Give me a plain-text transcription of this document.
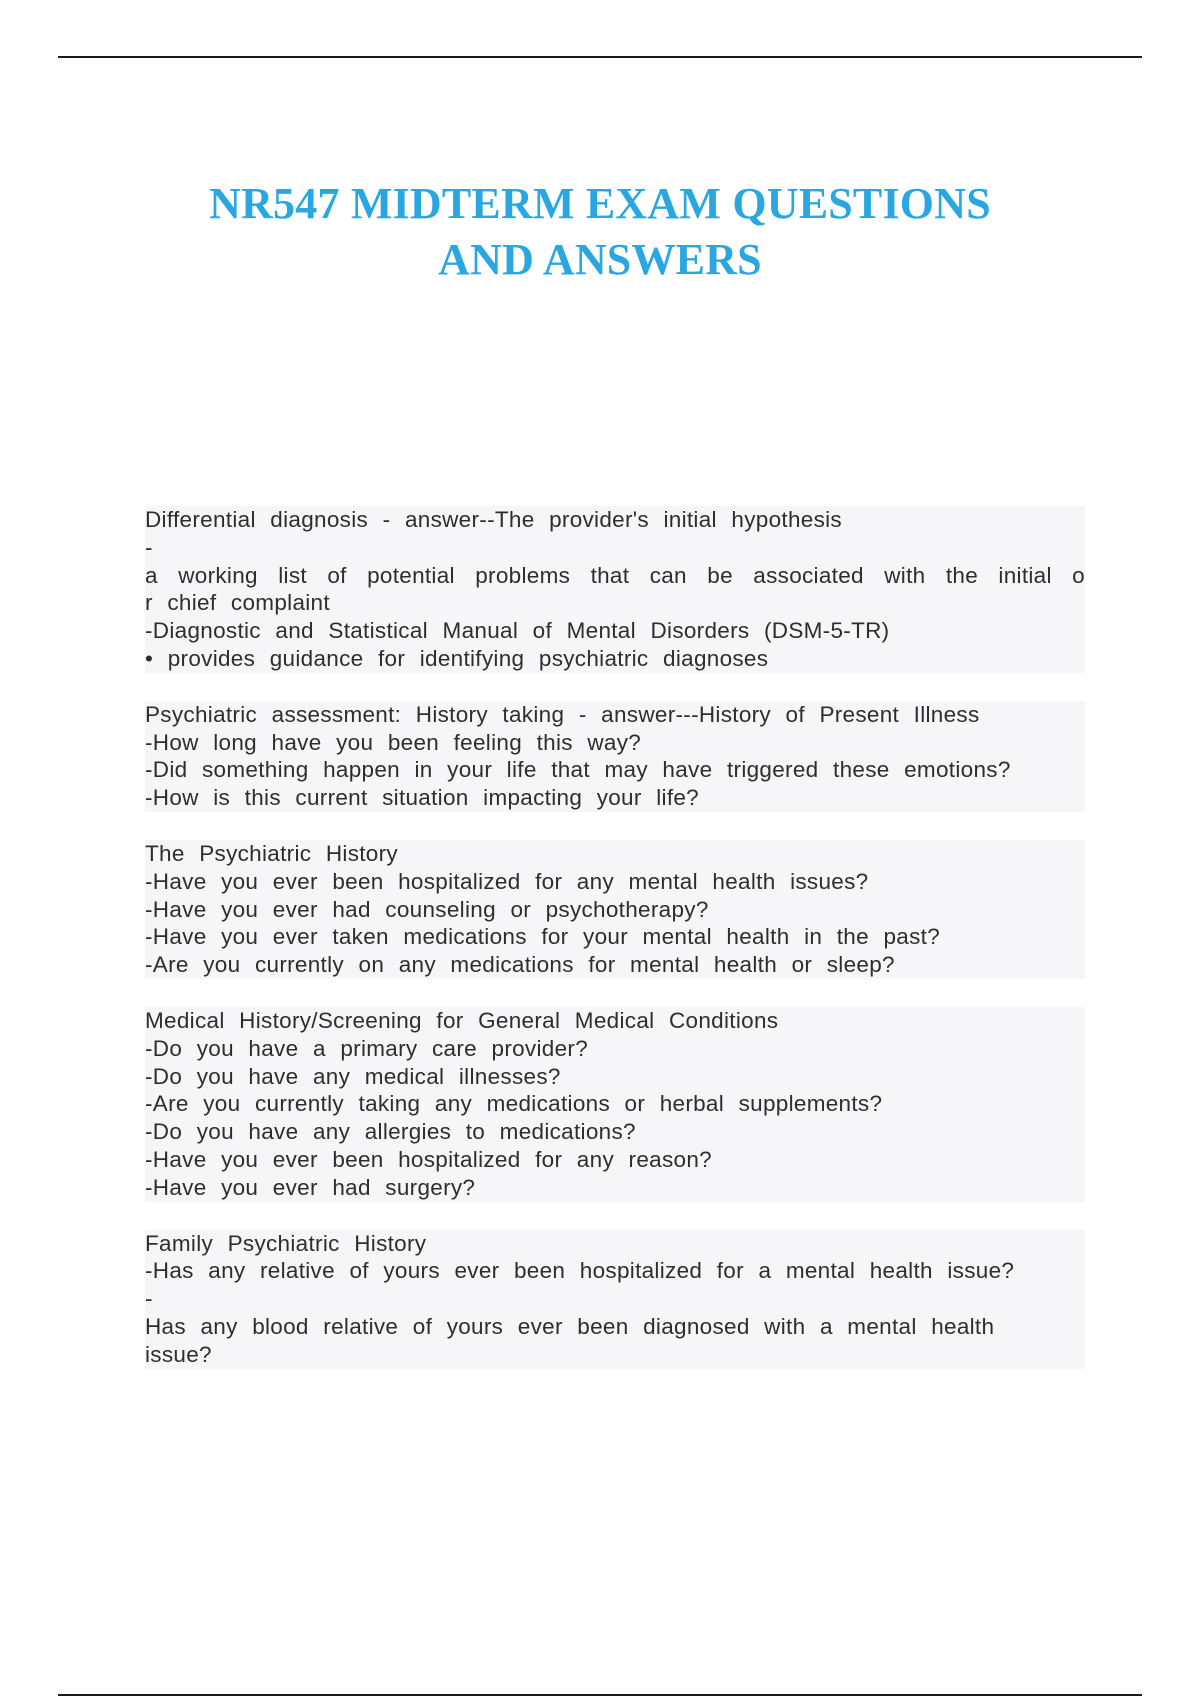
NR547 MIDTERM EXAM QUESTIONS
AND ANSWERS
Differential diagnosis - answer--The provider's initial hypothesis
-
a working list of potential problems that can be associated with the initial o
r chief complaint
-Diagnostic and Statistical Manual of Mental Disorders (DSM-5-TR)
• provides guidance for identifying psychiatric diagnoses
Psychiatric assessment: History taking - answer---History of Present Illness
-How long have you been feeling this way?
-Did something happen in your life that may have triggered these emotions?
-How is this current situation impacting your life?
The Psychiatric History
-Have you ever been hospitalized for any mental health issues?
-Have you ever had counseling or psychotherapy?
-Have you ever taken medications for your mental health in the past?
-Are you currently on any medications for mental health or sleep?
Medical History/Screening for General Medical Conditions
-Do you have a primary care provider?
-Do you have any medical illnesses?
-Are you currently taking any medications or herbal supplements?
-Do you have any allergies to medications?
-Have you ever been hospitalized for any reason?
-Have you ever had surgery?
Family Psychiatric History
-Has any relative of yours ever been hospitalized for a mental health issue?
-
Has any blood relative of yours ever been diagnosed with a mental health
issue?
